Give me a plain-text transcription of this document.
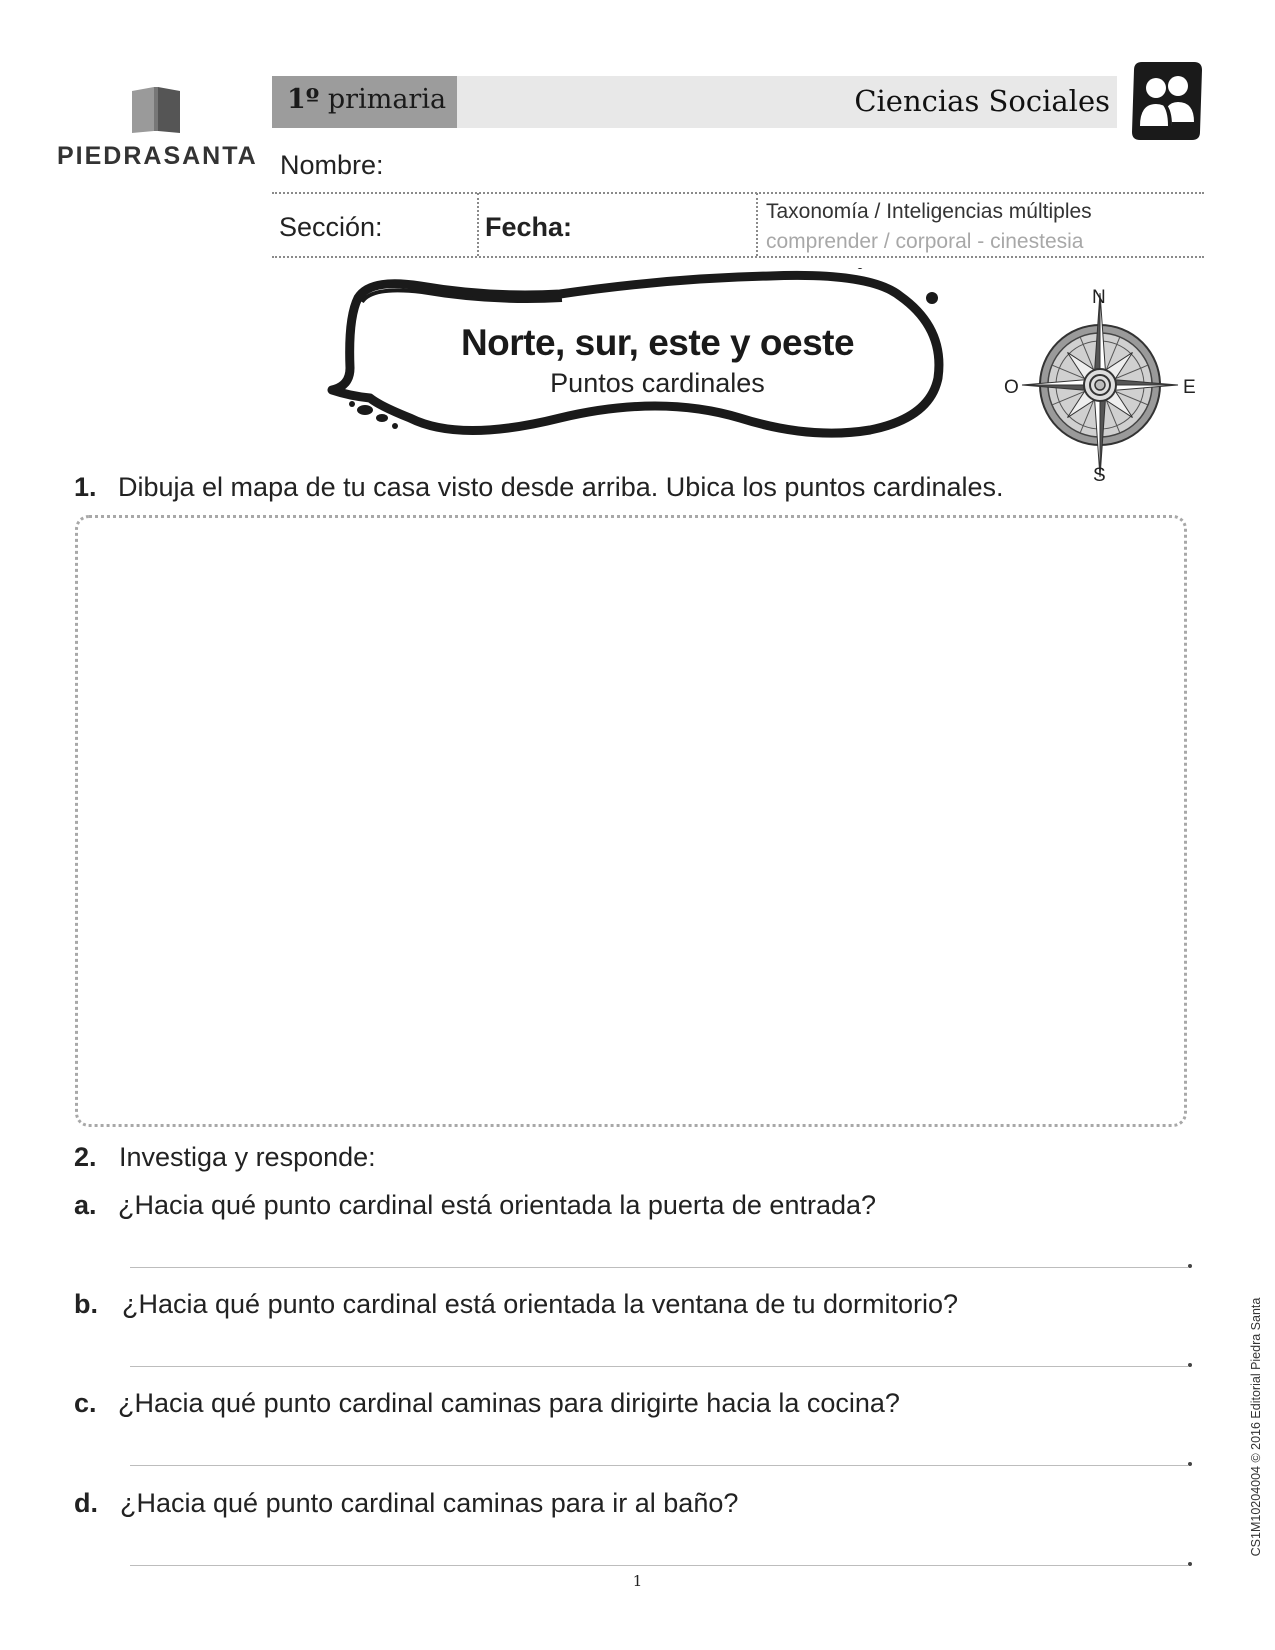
PIEDRASANTA
1º primaria	Ciencias Sociales
Nombre:
Sección:	Fecha:
Taxonomía / Inteligencias múltiples
comprender / corporal - cinestesia
Norte, sur, este y oeste
Puntos cardinales
N
S
O	E
1. Dibuja el mapa de tu casa visto desde arriba. Ubica los puntos cardinales.
2. Investiga y responde:
a. ¿Hacia qué punto cardinal está orientada la puerta de entrada?
b. ¿Hacia qué punto cardinal está orientada la ventana de tu dormitorio?
c. ¿Hacia qué punto cardinal caminas para dirigirte hacia la cocina?
d. ¿Hacia qué punto cardinal caminas para ir al baño?
1
CS1M10204004 © 2016 Editorial Piedra Santa
